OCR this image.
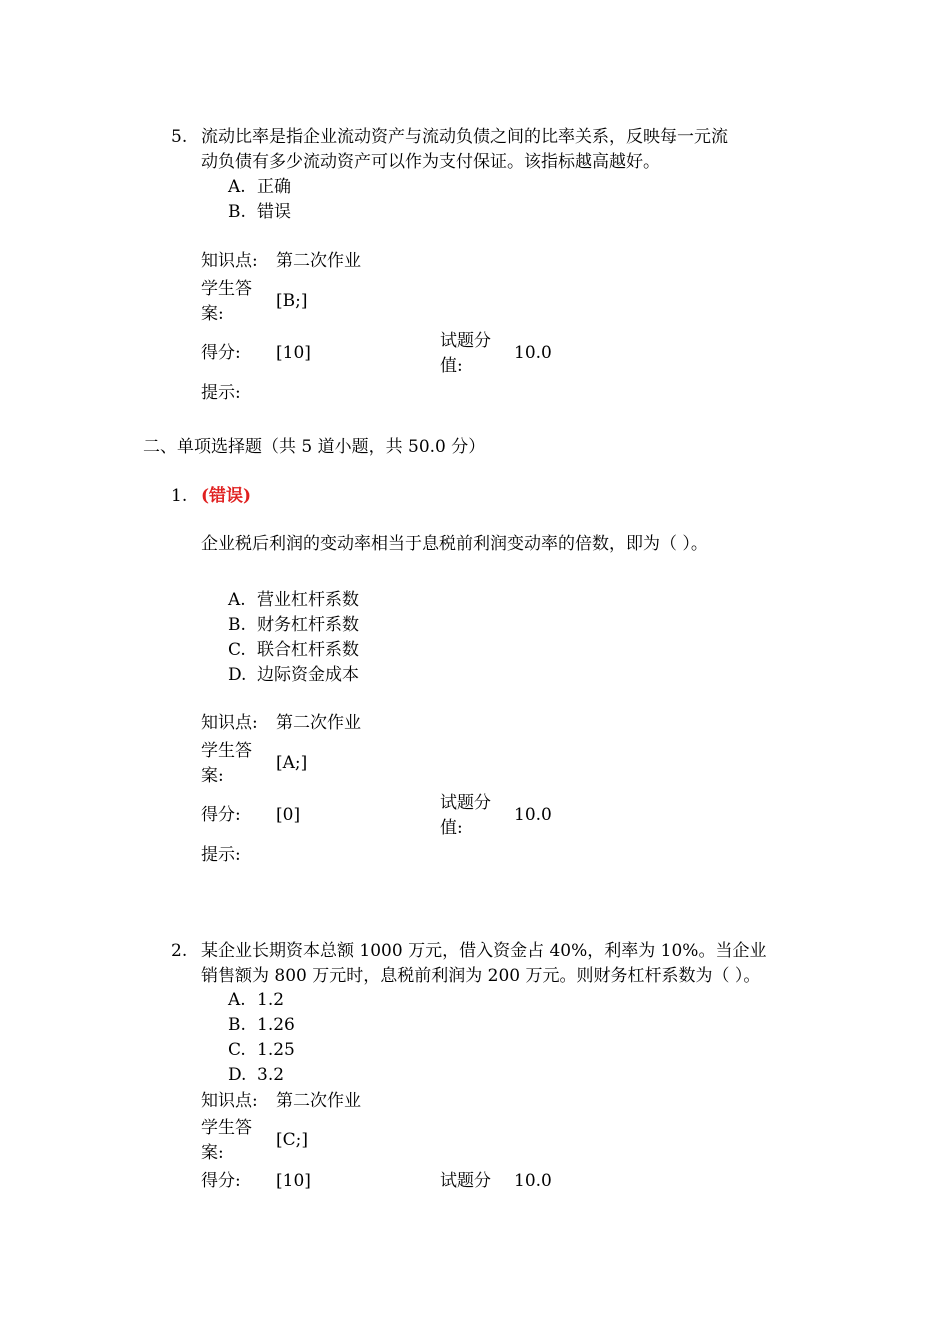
5. 流动比率是指企业流动资产与流动负债之间的比率关系，反映每一元流
动负债有多少流动资产可以作为支付保证。该指标越高越好。
A. 正确
B. 错误
知识点: 第二次作业
学生答
案:
[B;]
得分: [10]
试题分
值:
10.0
提示:
二、单项选择题（共 5 道小题，共 50.0 分）
1. (错误)
企业税后利润的变动率相当于息税前利润变动率的倍数，即为（ ）。
A. 营业杠杆系数
B. 财务杠杆系数
C. 联合杠杆系数
D. 边际资金成本
知识点: 第二次作业
学生答
案:
[A;]
得分: [0]
试题分
值:
10.0
提示:
2. 某企业长期资本总额 1000 万元，借入资金占 40%，利率为 10%。当企业
销售额为 800 万元时，息税前利润为 200 万元。则财务杠杆系数为（ ）。
A. 1.2
B. 1.26
C. 1.25
D. 3.2
知识点: 第二次作业
学生答
案:
[C;]
得分: [10]	试题分 10.0
